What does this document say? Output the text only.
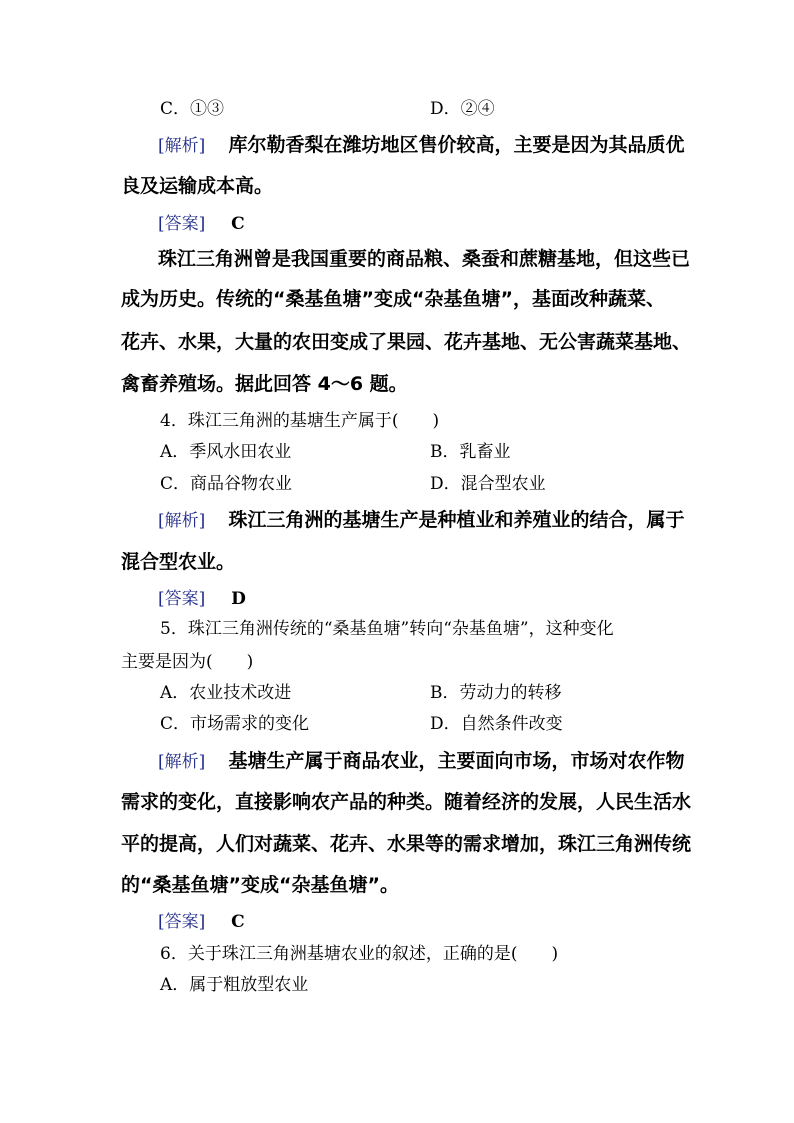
C．①③	D．②④
[解析] 库尔勒香梨在潍坊地区售价较高，主要是因为其品质优
良及运输成本高。
[答案] C
珠江三角洲曾是我国重要的商品粮、桑蚕和蔗糖基地，但这些已
成为历史。传统的“桑基鱼塘”变成“杂基鱼塘”，基面改种蔬菜、
花卉、水果，大量的农田变成了果园、花卉基地、无公害蔬菜基地、
禽畜养殖场。据此回答 4～6 题。
4．珠江三角洲的基塘生产属于(　　)
A．季风水田农业	B．乳畜业
C．商品谷物农业	D．混合型农业
[解析] 珠江三角洲的基塘生产是种植业和养殖业的结合，属于
混合型农业。
[答案] D
5．珠江三角洲传统的“桑基鱼塘”转向“杂基鱼塘”，这种变化
主要是因为(　　)
A．农业技术改进	B．劳动力的转移
C．市场需求的变化	D．自然条件改变
[解析] 基塘生产属于商品农业，主要面向市场，市场对农作物
需求的变化，直接影响农产品的种类。随着经济的发展，人民生活水
平的提高，人们对蔬菜、花卉、水果等的需求增加，珠江三角洲传统
的“桑基鱼塘”变成“杂基鱼塘”。
[答案] C
6．关于珠江三角洲基塘农业的叙述，正确的是(　　)
A．属于粗放型农业
